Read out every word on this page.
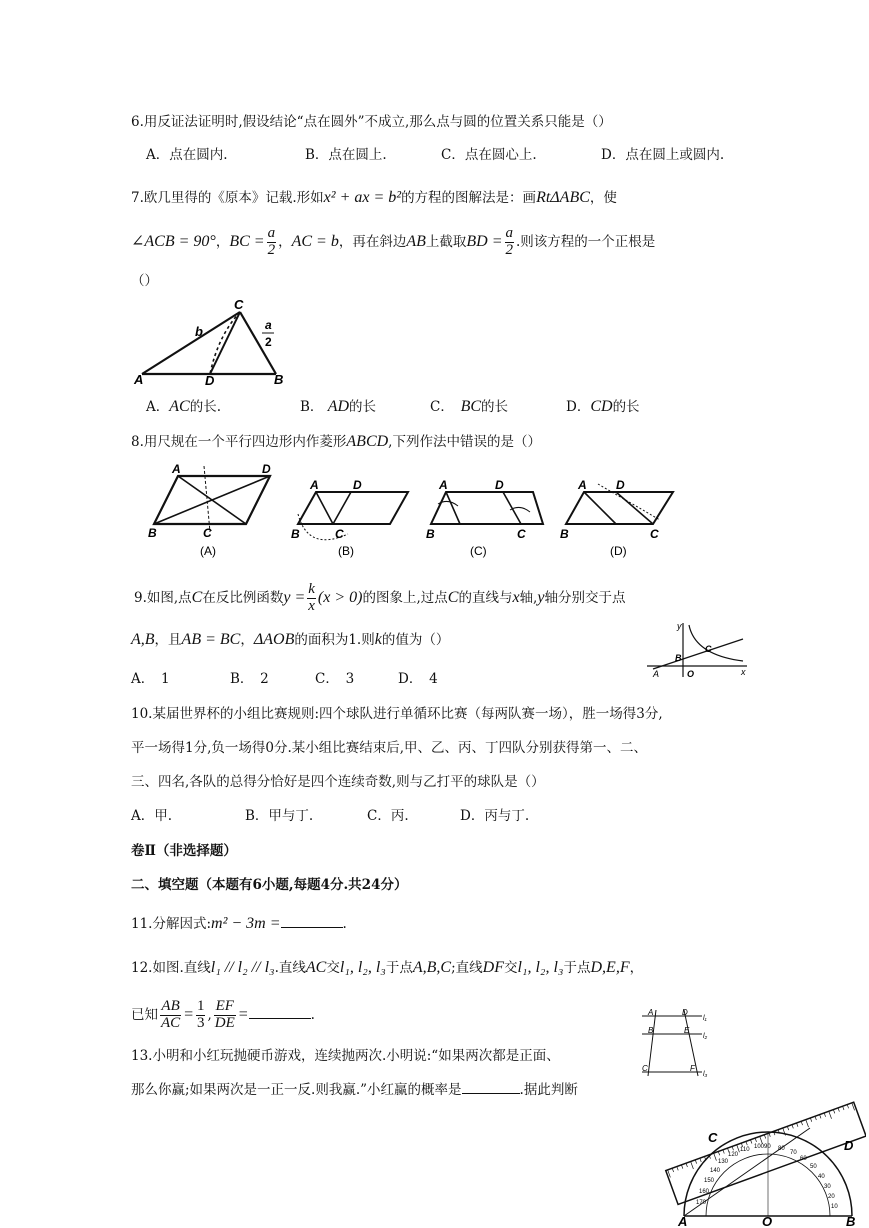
6.用反证法证明时,假设结论“点在圆外”不成立,那么点与圆的位置关系只能是（）
A．点在圆内.	B．点在圆上.	C．点在圆心上.	D．点在圆上或圆内.
7.欧几里得的《原本》记载.形如x² + ax = b²的方程的图解法是：画RtΔABC，使
∠ACB = 90°，BC = $\frac{a}{2}$ ，AC = b，再在斜边AB上截取BD = $\frac{a}{2}$ .则该方程的一个正根是
（）
A	D	B
C
b	a
2
A．AC的长.	B． AD的长	C．　 BC的长	D．CD的长
8.用尺规在一个平行四边形内作菱形ABCD,下列作法中错误的是（）
A	D
B	C
(A)
A	D
B	C
(B)
A	D
B	C
(C)
A D
B	C
(D)
9.如图,点C在反比例函数$y = \frac{k}{x} (x > 0)$的图象上,过点C的直线与x轴,y轴分别交于点
A,B，且AB = BC，ΔAOB的面积为1.则k的值为（）
A．　1	B．　2	C．　3	D．　4
y
x
B
C
A	O
10.某届世界杯的小组比赛规则:四个球队进行单循环比赛（每两队赛一场），胜一场得3分,
平一场得1分,负一场得0分.某小组比赛结束后,甲、乙、丙、丁四队分别获得第一、二、
三、四名,各队的总得分恰好是四个连续奇数,则与乙打平的球队是（）
A．甲.	B．甲与丁.	C．丙.	D．丙与丁.
卷Ⅱ（非选择题）
二、填空题（本题有6小题,每题4分.共24分）
11.分解因式:m² − 3m =	.
12.如图.直线l₁ // l₂ // l₃.直线AC交l₁, l₂, l₃于点A,B,C;直线DF交l₁, l₂, l₃于点D,E,F，
已知 $\frac{AB}{AC} = \frac{1}{3}$ , $\frac{EF}{DE}$ =	.	A	D
B	E
C	F
l₁
l₂
l₃
13.小明和小红玩抛硬币游戏，连续抛两次.小明说:“如果两次都是正面、
那么你赢;如果两次是一正一反.则我赢.”小红赢的概率是	.据此判断
10090 80
70
60
50
40
30
20
10
110
120
130
140
150
160
170
C
D
A	O	B
